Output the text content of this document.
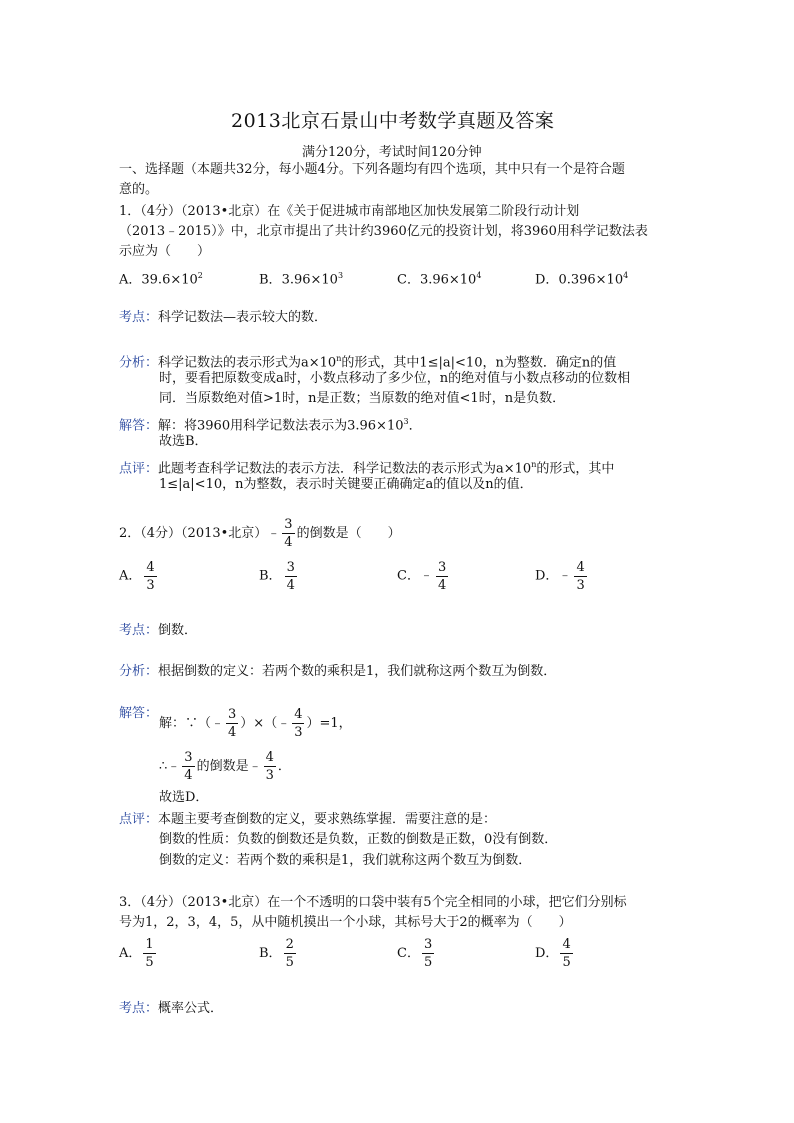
2013北京石景山中考数学真题及答案
满分120分，考试时间120分钟
一、选择题（本题共32分，每小题4分。下列各题均有四个选项，其中只有一个是符合题
意的。
1．（4分）（2013•北京）在《关于促进城市南部地区加快发展第二阶段行动计划
（2013﹣2015）》中，北京市提出了共计约3960亿元的投资计划，将3960用科学记数法表
示应为（　　）
A．$39.6\times 10^2$	B．$3.96\times 10^3$	C．$3.96\times 10^4$	D．$0.396\times 10^4$
考点：科学记数法—表示较大的数．
分析：科学记数法的表示形式为$a\times 10^n$的形式，其中1≤|a|<10，n为整数．确定n的值
时，要看把原数变成a时，小数点移动了多少位，n的绝对值与小数点移动的位数相
同．当原数绝对值>1时，n是正数；当原数的绝对值<1时，n是负数．
解答：解：将3960用科学记数法表示为$3.96\times 10^3$．
故选B．
点评：此题考查科学记数法的表示方法．科学记数法的表示形式为$a\times 10^n$的形式，其中
1≤|a|<10，n为整数，表示时关键要正确确定a的值以及n的值．
2．（4分）（2013•北京）﹣ $\frac{3}{4}$ 的倒数是（　　）
A． $\frac{4}{3}$	B． $\frac{3}{4}$	C．﹣ $\frac{3}{4}$	D．﹣ $\frac{4}{3}$
考点：倒数．
分析：根据倒数的定义：若两个数的乘积是1，我们就称这两个数互为倒数．
解答：
解：∵（﹣ $\frac{3}{4}$ ）×（﹣ $\frac{4}{3} )=1$，
∴﹣ $\frac{3}{4}$ 的倒数是﹣ $\frac{4}{3}$ ．
故选D．
点评：本题主要考查倒数的定义，要求熟练掌握．需要注意的是：
倒数的性质：负数的倒数还是负数，正数的倒数是正数，0没有倒数．
倒数的定义：若两个数的乘积是1，我们就称这两个数互为倒数．
3．（4分）（2013•北京）在一个不透明的口袋中装有5个完全相同的小球，把它们分别标
号为1，2，3，4，5，从中随机摸出一个小球，其标号大于2的概率为（　　）
A． $\frac{1}{5}$	B． $\frac{2}{5}$	C． $\frac{3}{5}$	D． $\frac{4}{5}$
考点：概率公式．
